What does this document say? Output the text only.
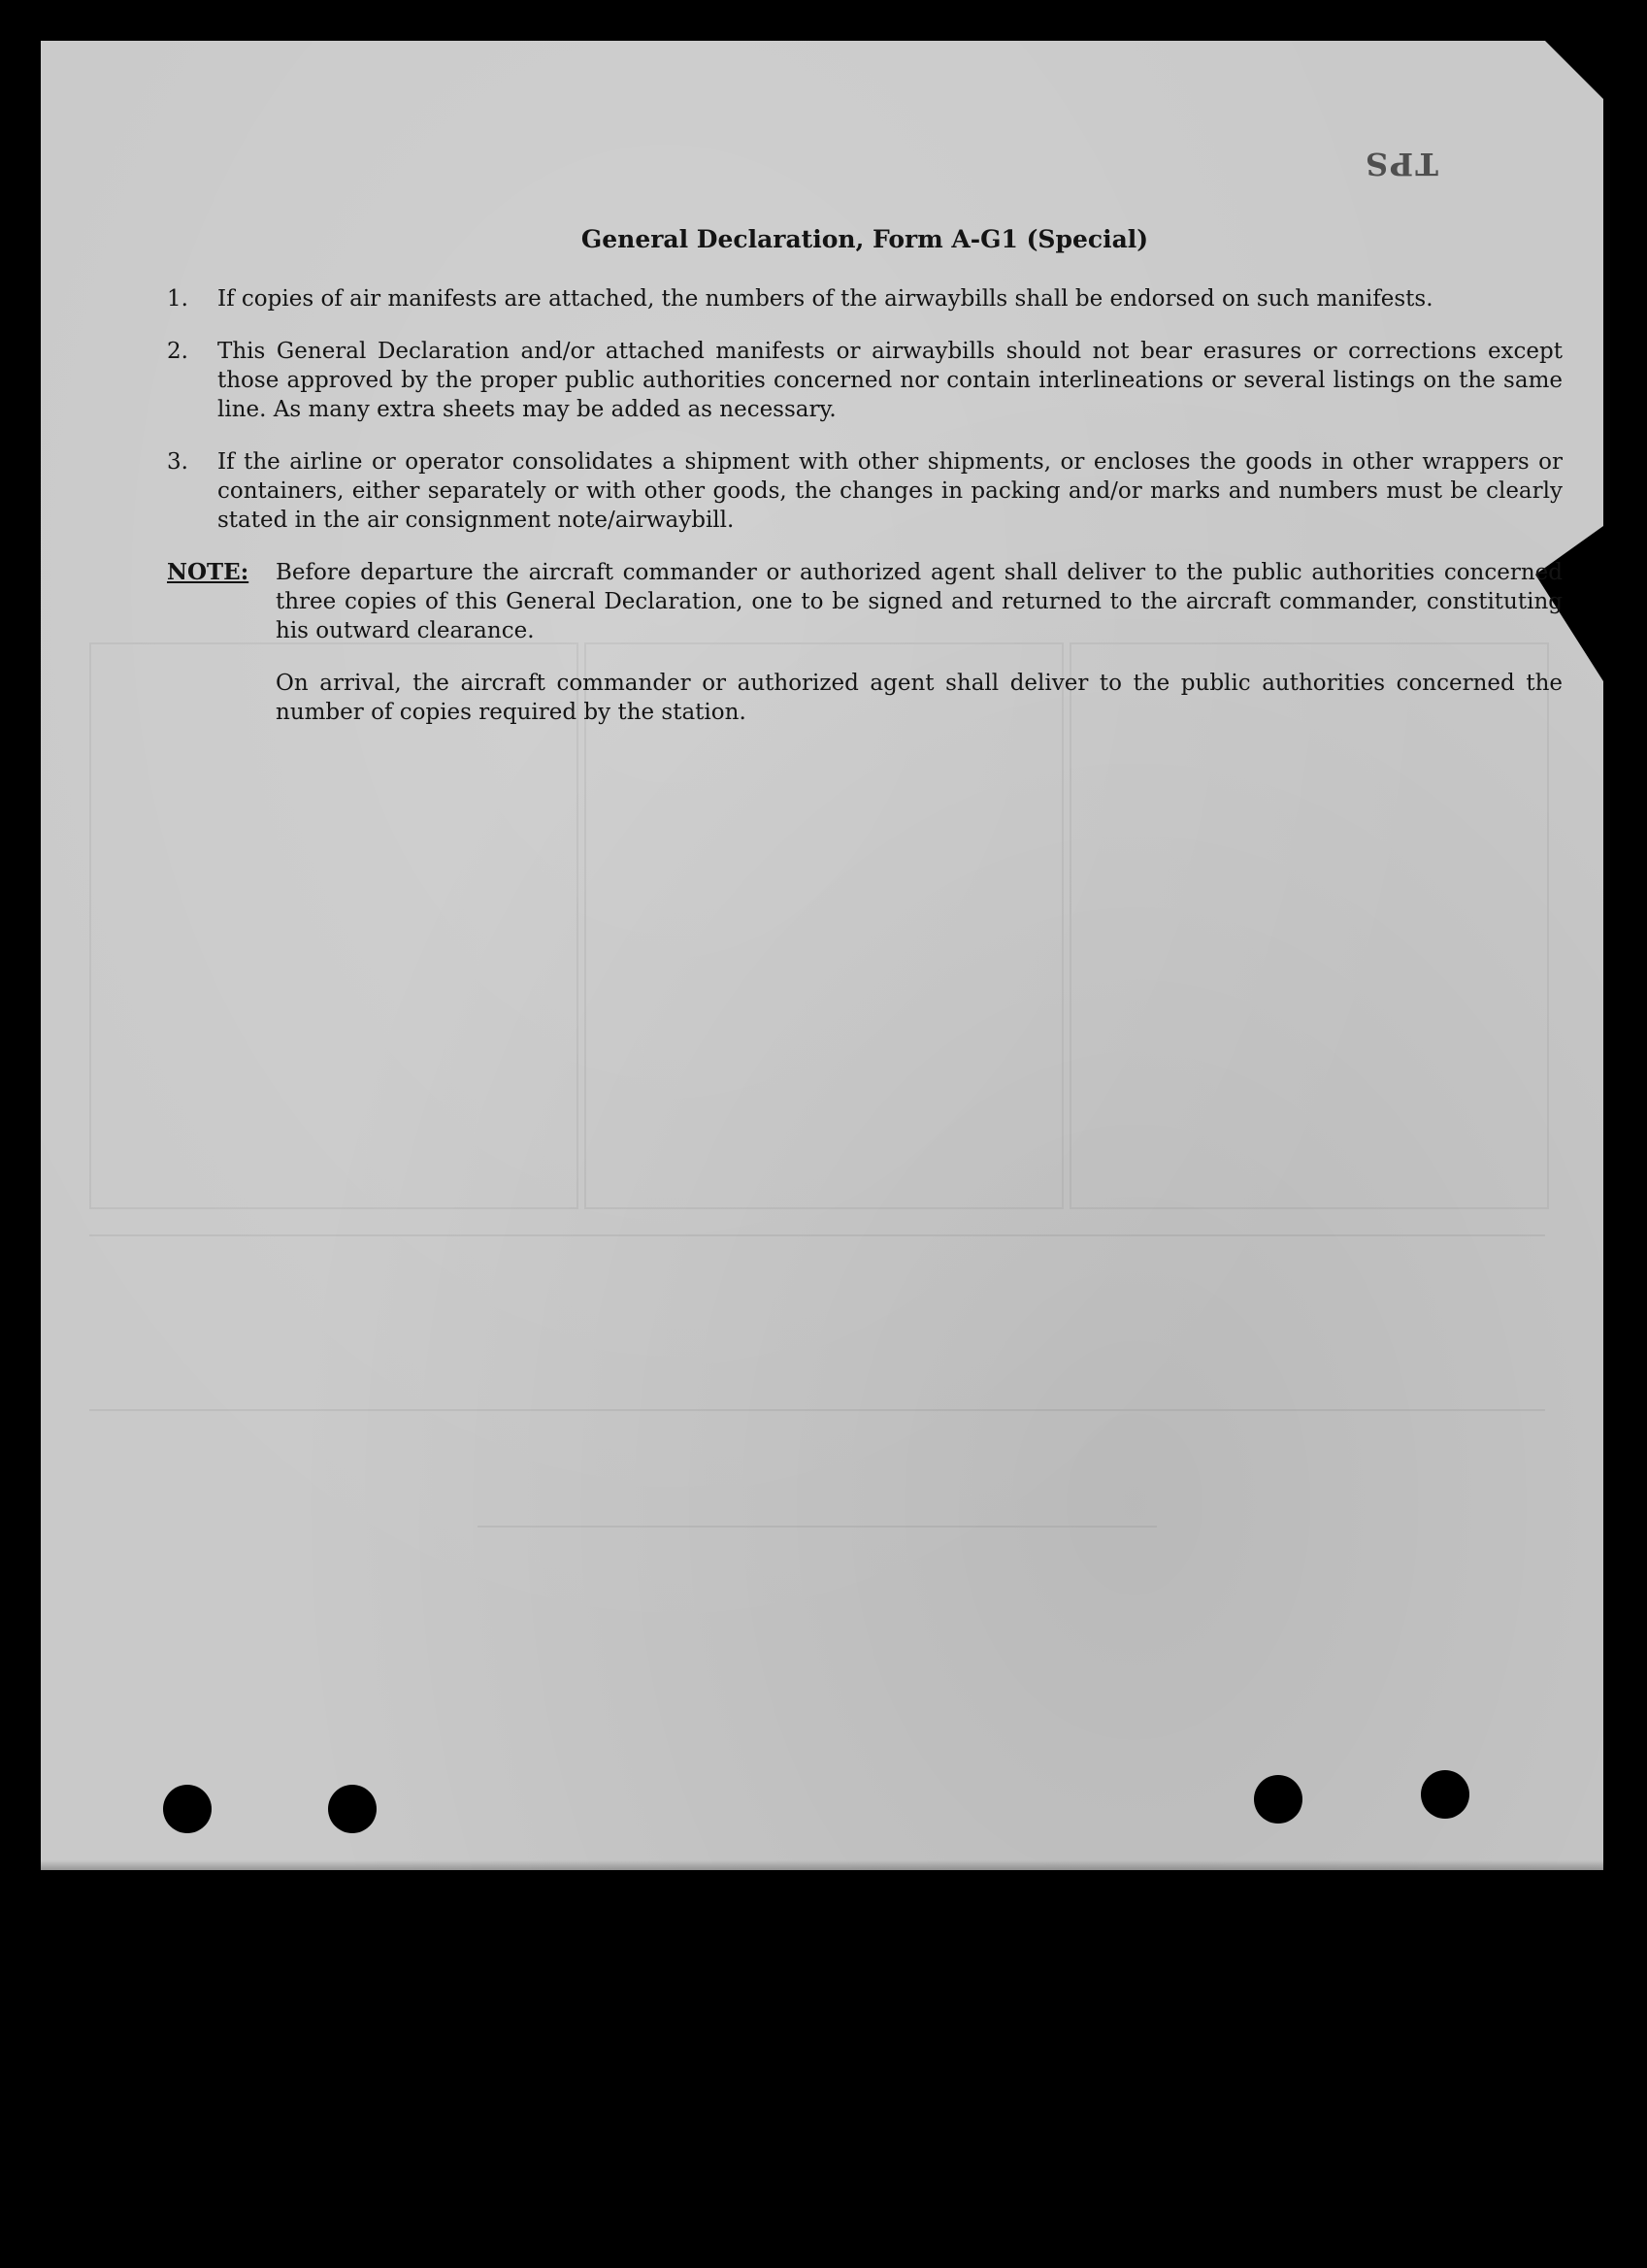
TPS
General Declaration, Form A-G1 (Special)
1.	If copies of air manifests are attached, the numbers of the airwaybills shall be endorsed on such manifests.
2.	This General Declaration and/or attached manifests or airwaybills should not bear erasures or corrections except those approved by the proper public authorities concerned nor contain interlineations or several listings on the same line. As many extra sheets may be added as necessary.
3.	If the airline or operator consolidates a shipment with other shipments, or encloses the goods in other wrappers or containers, either separately or with other goods, the changes in packing and/or marks and numbers must be clearly stated in the air consignment note/airwaybill.
NOTE:	Before departure the aircraft commander or authorized agent shall deliver to the public authorities concerned three copies of this General Declaration, one to be signed and returned to the aircraft commander, constituting his outward clearance.

On arrival, the aircraft commander or authorized agent shall deliver to the public authorities concerned the number of copies required by the station.
